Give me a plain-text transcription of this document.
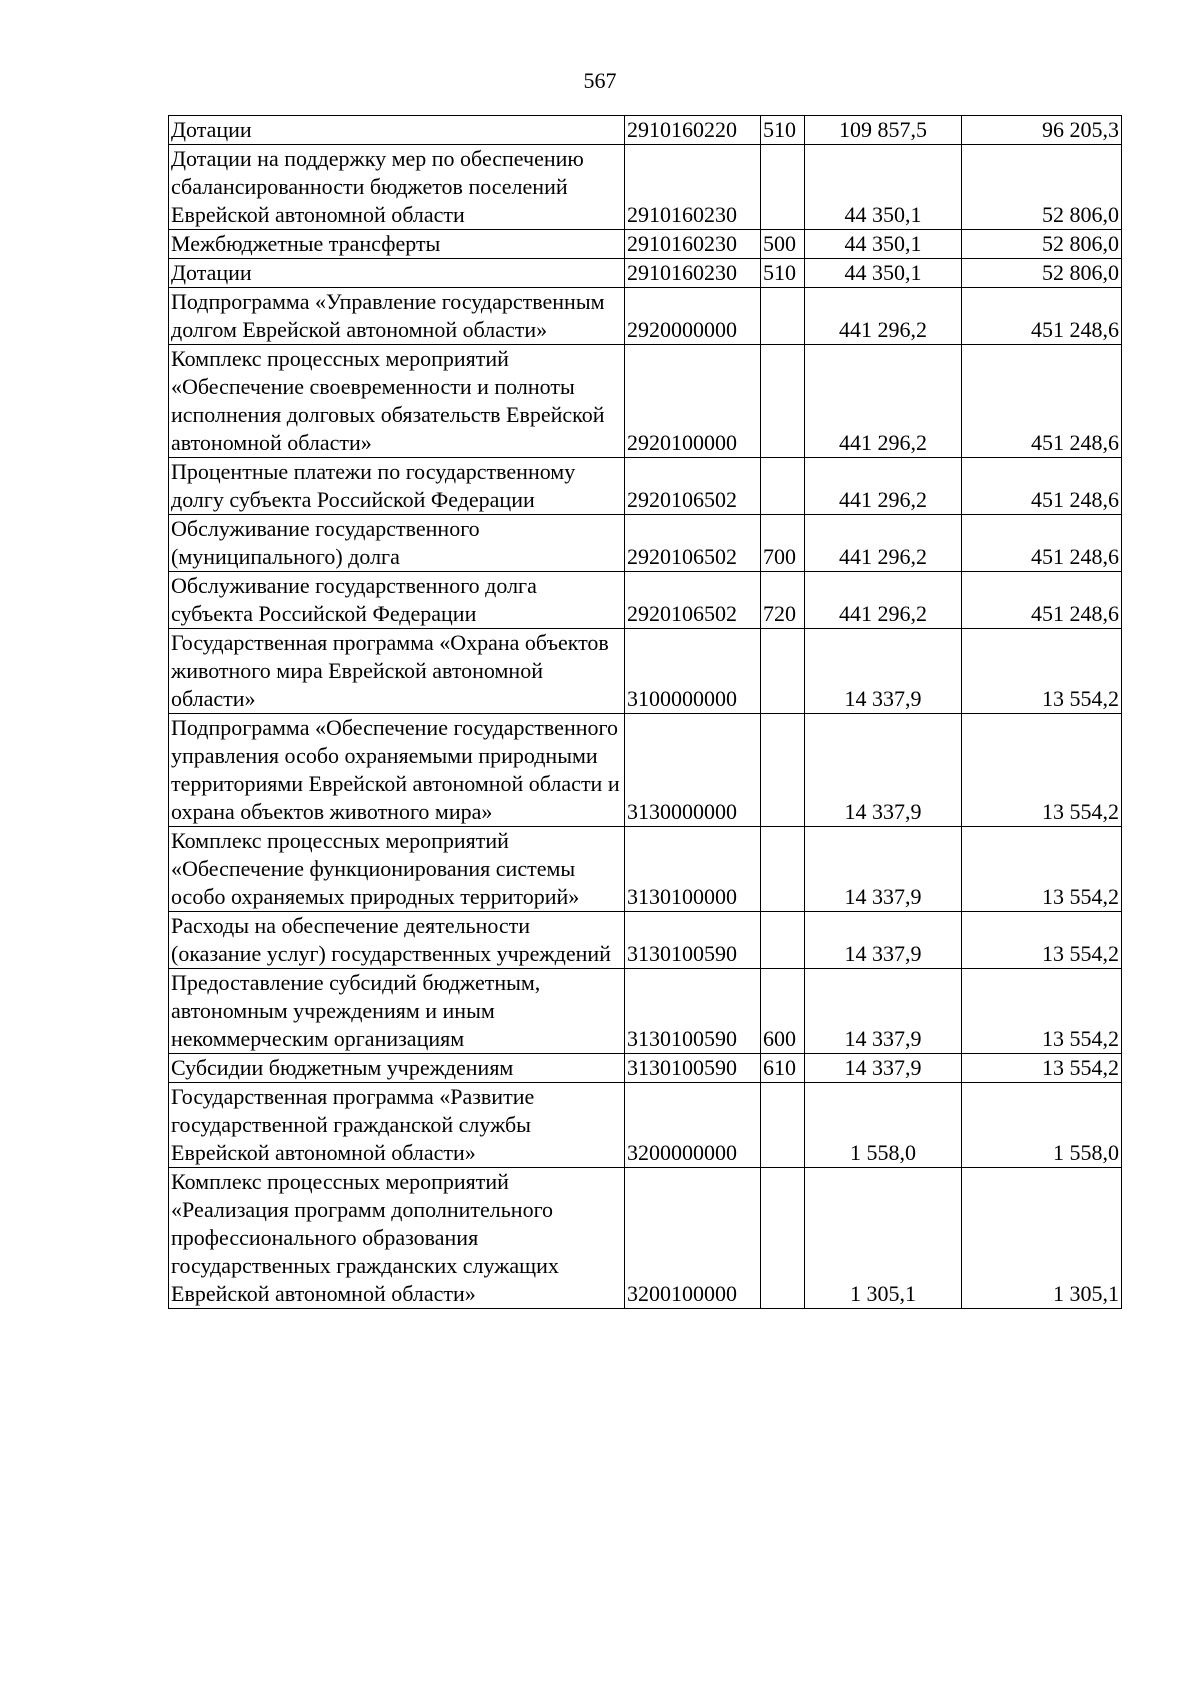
567
Дотации	2910160220	510	109 857,5	96 205,3
Дотации на поддержку мер по обеспечению сбалансированности бюджетов поселений Еврейской автономной области	2910160230		44 350,1	52 806,0
Межбюджетные трансферты	2910160230	500	44 350,1	52 806,0
Дотации	2910160230	510	44 350,1	52 806,0
Подпрограмма «Управление государственным долгом Еврейской автономной области»	2920000000		441 296,2	451 248,6
Комплекс процессных мероприятий «Обеспечение своевременности и полноты исполнения долговых обязательств Еврейской автономной области»	2920100000		441 296,2	451 248,6
Процентные платежи по государственному долгу субъекта Российской Федерации	2920106502		441 296,2	451 248,6
Обслуживание государственного (муниципального) долга	2920106502	700	441 296,2	451 248,6
Обслуживание государственного долга субъекта Российской Федерации	2920106502	720	441 296,2	451 248,6
Государственная программа «Охрана объектов животного мира Еврейской автономной области»	3100000000		14 337,9	13 554,2
Подпрограмма «Обеспечение государственного управления особо охраняемыми природными территориями Еврейской автономной области и охрана объектов животного мира»	3130000000		14 337,9	13 554,2
Комплекс процессных мероприятий «Обеспечение функционирования системы особо охраняемых природных территорий»	3130100000		14 337,9	13 554,2
Расходы на обеспечение деятельности (оказание услуг) государственных учреждений	3130100590		14 337,9	13 554,2
Предоставление субсидий бюджетным, автономным учреждениям и иным некоммерческим организациям	3130100590	600	14 337,9	13 554,2
Субсидии бюджетным учреждениям	3130100590	610	14 337,9	13 554,2
Государственная программа «Развитие государственной гражданской службы Еврейской автономной области»	3200000000		1 558,0	1 558,0
Комплекс процессных мероприятий «Реализация программ дополнительного профессионального образования государственных гражданских служащих Еврейской автономной области»	3200100000		1 305,1	1 305,1
